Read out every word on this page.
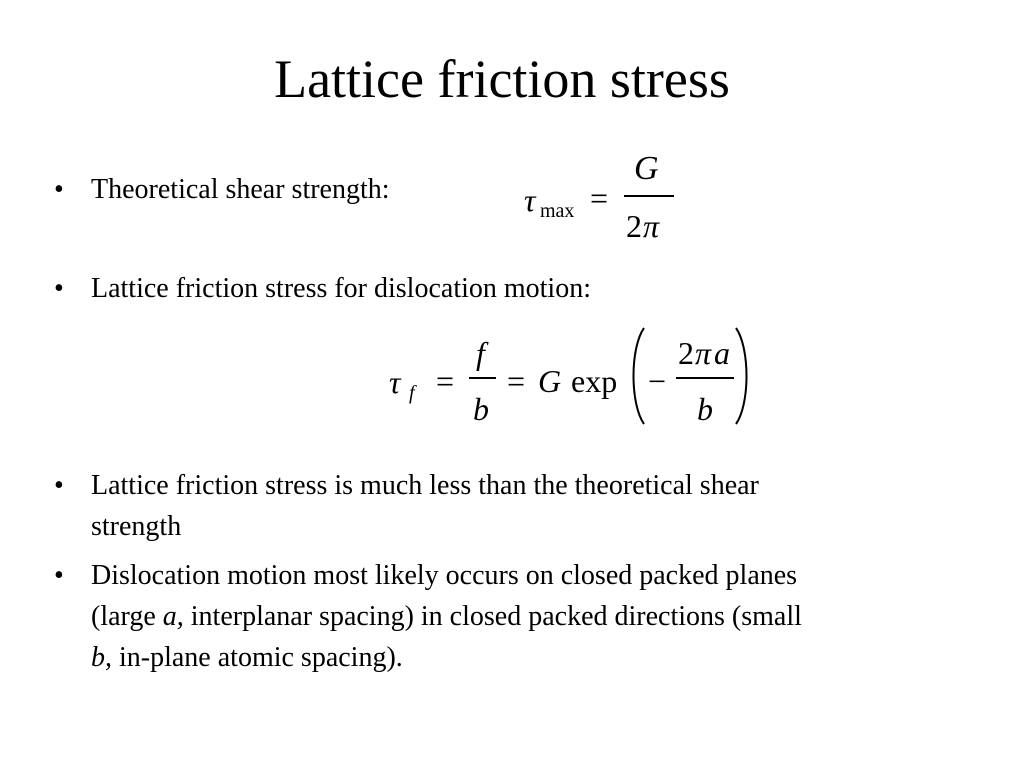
Lattice friction stress
• Theoretical shear strength:	τ max =
G
2 π
• Lattice friction stress for dislocation motion:
τ f =
f
b
= G exp −
2 π a
b
• Lattice friction stress is much less than the theoretical shear
strength
• Dislocation motion most likely occurs on closed packed planes
(large a, interplanar spacing) in closed packed directions (small
b, in-plane atomic spacing).
